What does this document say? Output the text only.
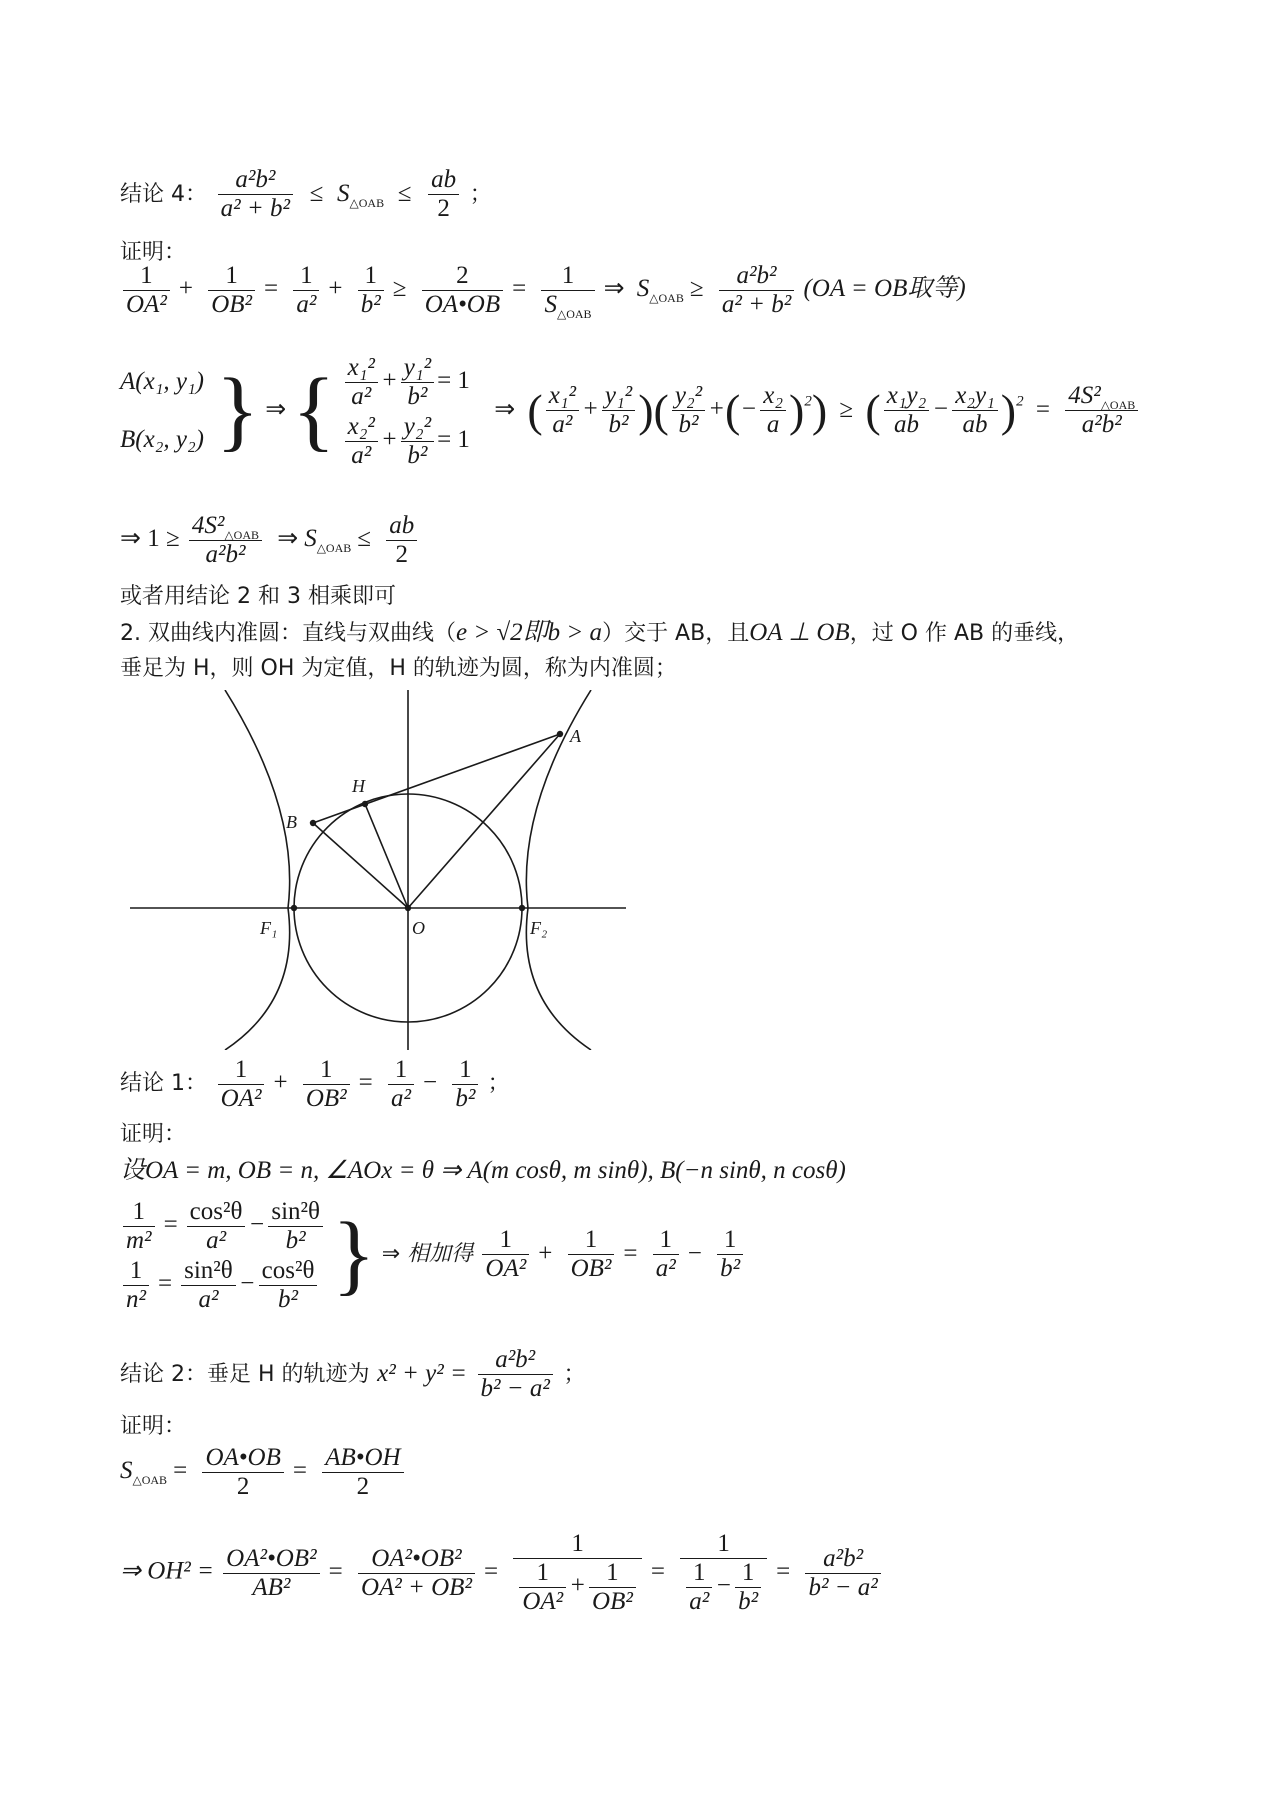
结论 4： $\frac{\text{a²b²}}{\text{a² + b²}} \le S_{\triangle OAB} \le \frac{ab}{2}$ ；
证明：
$\frac{1}{\text{OA²}} + \frac{1}{\text{OB²}} = \frac{1}{\text{a²}} + \frac{1}{\text{b²}} \ge \frac{2}{OA•OB} = \frac{1}{S_{\triangle OAB}}$ ⇒ $S_{\triangle OAB} \ge \frac{\text{a²b²}}{\text{a² + b²}} (OA$ = OB取等)
A(x₁, y₁)
B(x₂, y₂) } ⇒{ $\frac{\text{x₁²}}{\text{a²}} + \frac{\text{y₁²}}{\text{b²}} = 1$
$\frac{\text{x₂²}}{\text{a²}} + \frac{\text{y₂²}}{\text{b²}} = 1$
⇒ ( $\frac{\text{x₁²}}{\text{a²}} + \frac{\text{y₁²}}{\text{b²}}$ )( $\frac{\text{y₂²}}{\text{b²}}$ +(− $\frac{\text{x₂}}{a} )^2$) ≥ ( $\frac{\text{x₁y₂}}{ab} - \frac{\text{x₂y₁}}{ab} )^2 = \frac{4S^2_{\triangle OAB}}{\text{a²b²}}$
⇒ $1 \ge \frac{4S^2_{\triangle OAB}}{\text{a²b²}}$ ⇒ $S_{\triangle OAB} \le \frac{ab}{2}$
或者用结论 2 和 3 相乘即可
2. 双曲线内准圆：直线与双曲线（e > √2即b > a）交于 AB，且OA ⊥ OB，过 O 作 AB 的垂线，
垂足为 H，则 OH 为定值，H 的轨迹为圆，称为内准圆；
A
B
H
O
F₁	F₂
结论 1： $\frac{1}{\text{OA²}} + \frac{1}{\text{OB²}} = \frac{1}{\text{a²}} - \frac{1}{\text{b²}}$ ；
证明：
设OA = m, OB = n, ∠AOx = θ ⇒ A(m cosθ, m sinθ), B(−n sinθ, n cosθ)
$\frac{1}{\text{m²}} = \frac{\text{cos²θ}}{\text{a²}} - \frac{\text{sin²θ}}{\text{b²}}$
$\frac{1}{\text{n²}} = \frac{\text{sin²θ}}{\text{a²}} - \frac{\text{cos²θ}}{\text{b²}}$ } ⇒ 相加得 $\frac{1}{\text{OA²}} + \frac{1}{\text{OB²}} = \frac{1}{\text{a²}} - \frac{1}{\text{b²}}$
结论 2：垂足 H 的轨迹为 $x^2 + y^2 = \frac{\text{a²b²}}{\text{b² − a²}}$ ；
证明：
$S_{\triangle OAB} = \frac{OA•OB}{2} = \frac{AB•OH}{2}$
⇒ $OH^2 = \frac{\text{OA²•OB²}}{\text{AB²}} = \frac{\text{OA²•OB²}}{\text{OA² + OB²}} = \frac{1}{\frac{1}{\text{OA²}} + \frac{1}{\text{OB²}}} = \frac{1}{\frac{1}{\text{a²}} - \frac{1}{\text{b²}}} = \frac{\text{a²b²}}{\text{b² − a²}}$
